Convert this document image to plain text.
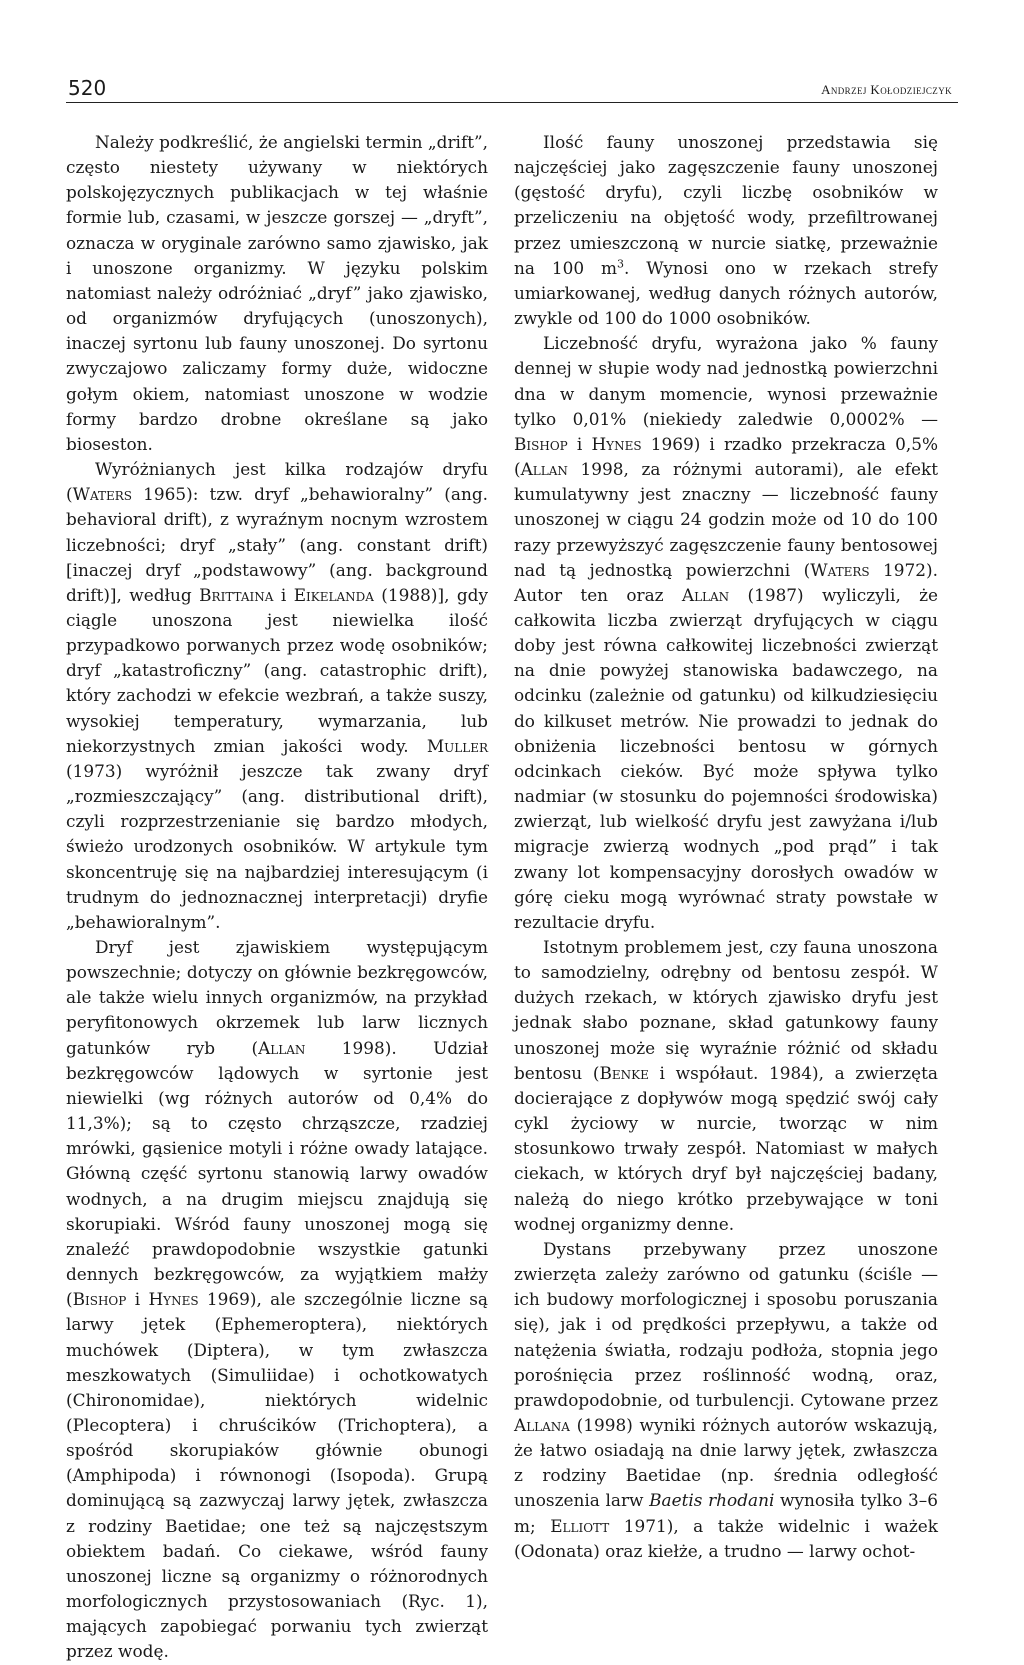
520	Andrzej Kołodziejczyk

Należy podkreślić, że angielski termin „drift”, często niestety używany w niektórych polskojęzycznych publikacjach w tej właśnie formie lub, czasami, w jeszcze gorszej — „dryft”, oznacza w oryginale zarówno samo zjawisko, jak i unoszone organizmy. W języku polskim natomiast należy odróżniać „dryf” jako zjawisko, od organizmów dryfujących (unoszonych), inaczej syrtonu lub fauny unoszonej. Do syrtonu zwyczajowo zaliczamy formy duże, widoczne gołym okiem, natomiast unoszone w wodzie formy bardzo drobne określane są jako bioseston.

Wyróżnianych jest kilka rodzajów dryfu (Waters 1965): tzw. dryf „behawioralny” (ang. behavioral drift), z wyraźnym nocnym wzrostem liczebności; dryf „stały” (ang. constant drift) [inaczej dryf „podstawowy” (ang. background drift)], według Brittaina i Eikelanda (1988)], gdy ciągle unoszona jest niewielka ilość przypadkowo porwanych przez wodę osobników; dryf „katastroficzny” (ang. catastrophic drift), który zachodzi w efekcie wezbrań, a także suszy, wysokiej temperatury, wymarzania, lub niekorzystnych zmian jakości wody. Muller (1973) wyróżnił jeszcze tak zwany dryf „rozmieszczający” (ang. distributional drift), czyli rozprzestrzenianie się bardzo młodych, świeżo urodzonych osobników. W artykule tym skoncentruję się na najbardziej interesującym (i trudnym do jednoznacznej interpretacji) dryfie „behawioralnym”.

Dryf jest zjawiskiem występującym powszechnie; dotyczy on głównie bezkręgowców, ale także wielu innych organizmów, na przykład peryfitonowych okrzemek lub larw licznych gatunków ryb (Allan 1998). Udział bezkręgowców lądowych w syrtonie jest niewielki (wg różnych autorów od 0,4% do 11,3%); są to często chrząszcze, rzadziej mrówki, gąsienice motyli i różne owady latające. Główną część syrtonu stanowią larwy owadów wodnych, a na drugim miejscu znajdują się skorupiaki. Wśród fauny unoszonej mogą się znaleźć prawdopodobnie wszystkie gatunki dennych bezkręgowców, za wyjątkiem małży (Bishop i Hynes 1969), ale szczególnie liczne są larwy jętek (Ephemeroptera), niektórych muchówek (Diptera), w tym zwłaszcza meszkowatych (Simuliidae) i ochotkowatych (Chironomidae), niektórych widelnic (Plecoptera) i chruścików (Trichoptera), a spośród skorupiaków głównie obunogi (Amphipoda) i równonogi (Isopoda). Grupą dominującą są zazwyczaj larwy jętek, zwłaszcza z rodziny Baetidae; one też są najczęstszym obiektem badań. Co ciekawe, wśród fauny unoszonej liczne są organizmy o różnorodnych morfologicznych przystosowaniach (Ryc. 1), mających zapobiegać porwaniu tych zwierząt przez wodę.

Ilość fauny unoszonej przedstawia się najczęściej jako zagęszczenie fauny unoszonej (gęstość dryfu), czyli liczbę osobników w przeliczeniu na objętość wody, przefiltrowanej przez umieszczoną w nurcie siatkę, przeważnie na 100 $m^3$. Wynosi ono w rzekach strefy umiarkowanej, według danych różnych autorów, zwykle od 100 do 1000 osobników.

Liczebność dryfu, wyrażona jako % fauny dennej w słupie wody nad jednostką powierzchni dna w danym momencie, wynosi przeważnie tylko 0,01% (niekiedy zaledwie 0,0002% — Bishop i Hynes 1969) i rzadko przekracza 0,5% (Allan 1998, za różnymi autorami), ale efekt kumulatywny jest znaczny — liczebność fauny unoszonej w ciągu 24 godzin może od 10 do 100 razy przewyższyć zagęszczenie fauny bentosowej nad tą jednostką powierzchni (Waters 1972). Autor ten oraz Allan (1987) wyliczyli, że całkowita liczba zwierząt dryfujących w ciągu doby jest równa całkowitej liczebności zwierząt na dnie powyżej stanowiska badawczego, na odcinku (zależnie od gatunku) od kilkudziesięciu do kilkuset metrów. Nie prowadzi to jednak do obniżenia liczebności bentosu w górnych odcinkach cieków. Być może spływa tylko nadmiar (w stosunku do pojemności środowiska) zwierząt, lub wielkość dryfu jest zawyżana i/lub migracje zwierzą wodnych „pod prąd” i tak zwany lot kompensacyjny dorosłych owadów w górę cieku mogą wyrównać straty powstałe w rezultacie dryfu.

Istotnym problemem jest, czy fauna unoszona to samodzielny, odrębny od bentosu zespół. W dużych rzekach, w których zjawisko dryfu jest jednak słabo poznane, skład gatunkowy fauny unoszonej może się wyraźnie różnić od składu bentosu (Benke i współaut. 1984), a zwierzęta docierające z dopływów mogą spędzić swój cały cykl życiowy w nurcie, tworząc w nim stosunkowo trwały zespół. Natomiast w małych ciekach, w których dryf był najczęściej badany, należą do niego krótko przebywające w toni wodnej organizmy denne.

Dystans przebywany przez unoszone zwierzęta zależy zarówno od gatunku (ściśle — ich budowy morfologicznej i sposobu poruszania się), jak i od prędkości przepływu, a także od natężenia światła, rodzaju podłoża, stopnia jego porośnięcia przez roślinność wodną, oraz, prawdopodobnie, od turbulencji. Cytowane przez Allana (1998) wyniki różnych autorów wskazują, że łatwo osiadają na dnie larwy jętek, zwłaszcza z rodziny Baetidae (np. średnia odległość unoszenia larw Baetis rhodani wynosiła tylko 3–6 m; Elliott 1971), a także widelnic i ważek (Odonata) oraz kiełże, a trudno — larwy ochot-
